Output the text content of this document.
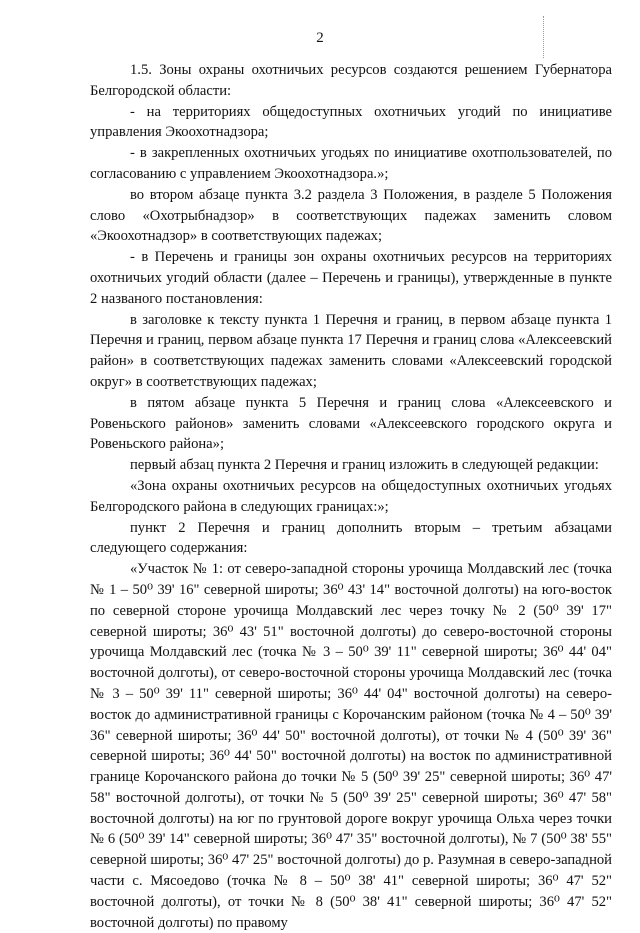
2

1.5. Зоны охраны охотничьих ресурсов создаются решением Губернатора Белгородской области:

- на территориях общедоступных охотничьих угодий по инициативе управления Экоохотнадзора;

- в закрепленных охотничьих угодьях по инициативе охотпользователей, по согласованию с управлением Экоохотнадзора.»;

во втором абзаце пункта 3.2 раздела 3 Положения, в разделе 5 Положения слово «Охотрыбнадзор» в соответствующих падежах заменить словом «Экоохотнадзор» в соответствующих падежах;

- в Перечень и границы зон охраны охотничьих ресурсов на территориях охотничьих угодий области (далее – Перечень и границы), утвержденные в пункте 2 названого постановления:

в заголовке к тексту пункта 1 Перечня и границ, в первом абзаце пункта 1 Перечня и границ, первом абзаце пункта 17 Перечня и границ слова «Алексеевский район» в соответствующих падежах заменить словами «Алексеевский городской округ» в соответствующих падежах;

в пятом абзаце пункта 5 Перечня и границ слова «Алексеевского и Ровеньского районов» заменить словами «Алексеевского городского округа и Ровеньского района»;

первый абзац пункта 2 Перечня и границ изложить в следующей редакции:

«Зона охраны охотничьих ресурсов на общедоступных охотничьих угодьях Белгородского района в следующих границах:»;

пункт 2 Перечня и границ дополнить вторым – третьим абзацами следующего содержания:

«Участок № 1: от северо-западной стороны урочища Молдавский лес (точка № 1 – 50⁰ 39' 16" северной широты; 36⁰ 43' 14" восточной долготы) на юго-восток по северной стороне урочища Молдавский лес через точку № 2 (50⁰ 39' 17" северной широты; 36⁰ 43' 51" восточной долготы) до северо-восточной стороны урочища Молдавский лес (точка № 3 – 50⁰ 39' 11" северной широты; 36⁰ 44' 04" восточной долготы), от северо-восточной стороны урочища Молдавский лес (точка № 3 – 50⁰ 39' 11" северной широты; 36⁰ 44' 04" восточной долготы) на северо-восток до административной границы с Корочанским районом (точка № 4 – 50⁰ 39' 36" северной широты; 36⁰ 44' 50" восточной долготы), от точки № 4 (50⁰ 39' 36" северной широты; 36⁰ 44' 50" восточной долготы) на восток по административной границе Корочанского района до точки № 5 (50⁰ 39' 25" северной широты; 36⁰ 47' 58" восточной долготы), от точки № 5 (50⁰ 39' 25" северной широты; 36⁰ 47' 58" восточной долготы) на юг по грунтовой дороге вокруг урочища Ольха через точки № 6 (50⁰ 39' 14" северной широты; 36⁰ 47' 35" восточной долготы), № 7 (50⁰ 38' 55" северной широты; 36⁰ 47' 25" восточной долготы) до р. Разумная в северо-западной части с. Мясоедово (точка № 8 – 50⁰ 38' 41" северной широты; 36⁰ 47' 52" восточной долготы), от точки № 8 (50⁰ 38' 41" северной широты; 36⁰ 47' 52" восточной долготы) по правому
